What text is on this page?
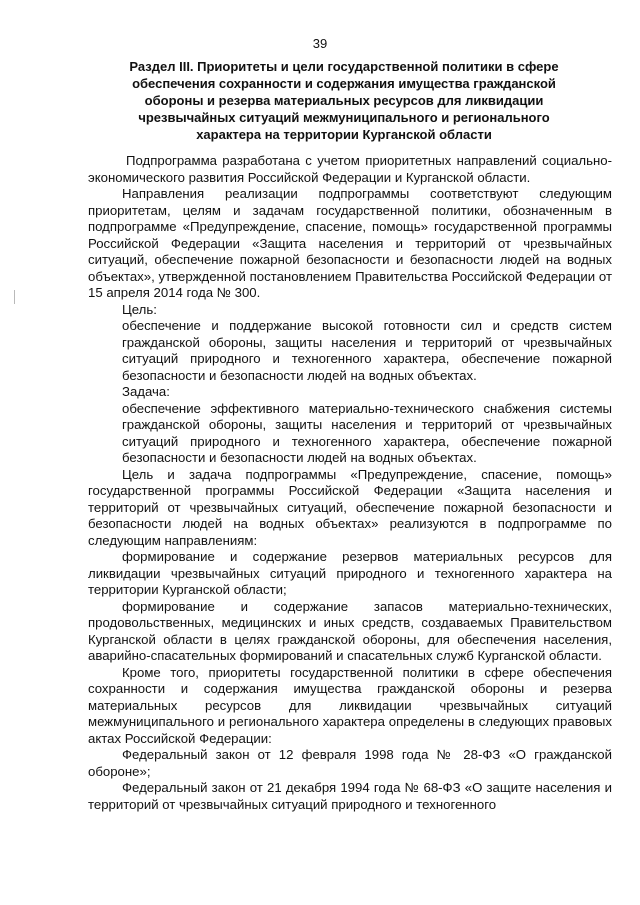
39
Раздел III. Приоритеты и цели государственной политики в сфере
обеспечения сохранности и содержания имущества гражданской
обороны и резерва материальных ресурсов для ликвидации
чрезвычайных ситуаций межмуниципального и регионального
характера на территории Курганской области

Подпрограмма разработана с учетом приоритетных направлений социально-экономического развития Российской Федерации и Курганской области.

Направления реализации подпрограммы соответствуют следующим приоритетам, целям и задачам государственной политики, обозначенным в подпрограмме «Предупреждение, спасение, помощь» государственной программы Российской Федерации «Защита населения и территорий от чрезвычайных ситуаций, обеспечение пожарной безопасности и безопасности людей на водных объектах», утвержденной постановлением Правительства Российской Федерации от 15 апреля 2014 года № 300.

Цель:

обеспечение и поддержание высокой готовности сил и средств систем гражданской обороны, защиты населения и территорий от чрезвычайных ситуаций природного и техногенного характера, обеспечение пожарной безопасности и безопасности людей на водных объектах.

Задача:

обеспечение эффективного материально-технического снабжения системы гражданской обороны, защиты населения и территорий от чрезвычайных ситуаций природного и техногенного характера, обеспечение пожарной безопасности и безопасности людей на водных объектах.

Цель и задача подпрограммы «Предупреждение, спасение, помощь» государственной программы Российской Федерации «Защита населения и территорий от чрезвычайных ситуаций, обеспечение пожарной безопасности и безопасности людей на водных объектах» реализуются в подпрограмме по следующим направлениям:

формирование и содержание резервов материальных ресурсов для ликвидации чрезвычайных ситуаций природного и техногенного характера на территории Курганской области;

формирование и содержание запасов материально-технических, продовольственных, медицинских и иных средств, создаваемых Правительством Курганской области в целях гражданской обороны, для обеспечения населения, аварийно-спасательных формирований и спасательных служб Курганской области.

Кроме того, приоритеты государственной политики в сфере обеспечения сохранности и содержания имущества гражданской обороны и резерва материальных ресурсов для ликвидации чрезвычайных ситуаций межмуниципального и регионального характера определены в следующих правовых актах Российской Федерации:

Федеральный закон от 12 февраля 1998 года № 28-ФЗ «О гражданской обороне»;

Федеральный закон от 21 декабря 1994 года № 68-ФЗ «О защите населения и территорий от чрезвычайных ситуаций природного и техногенного
